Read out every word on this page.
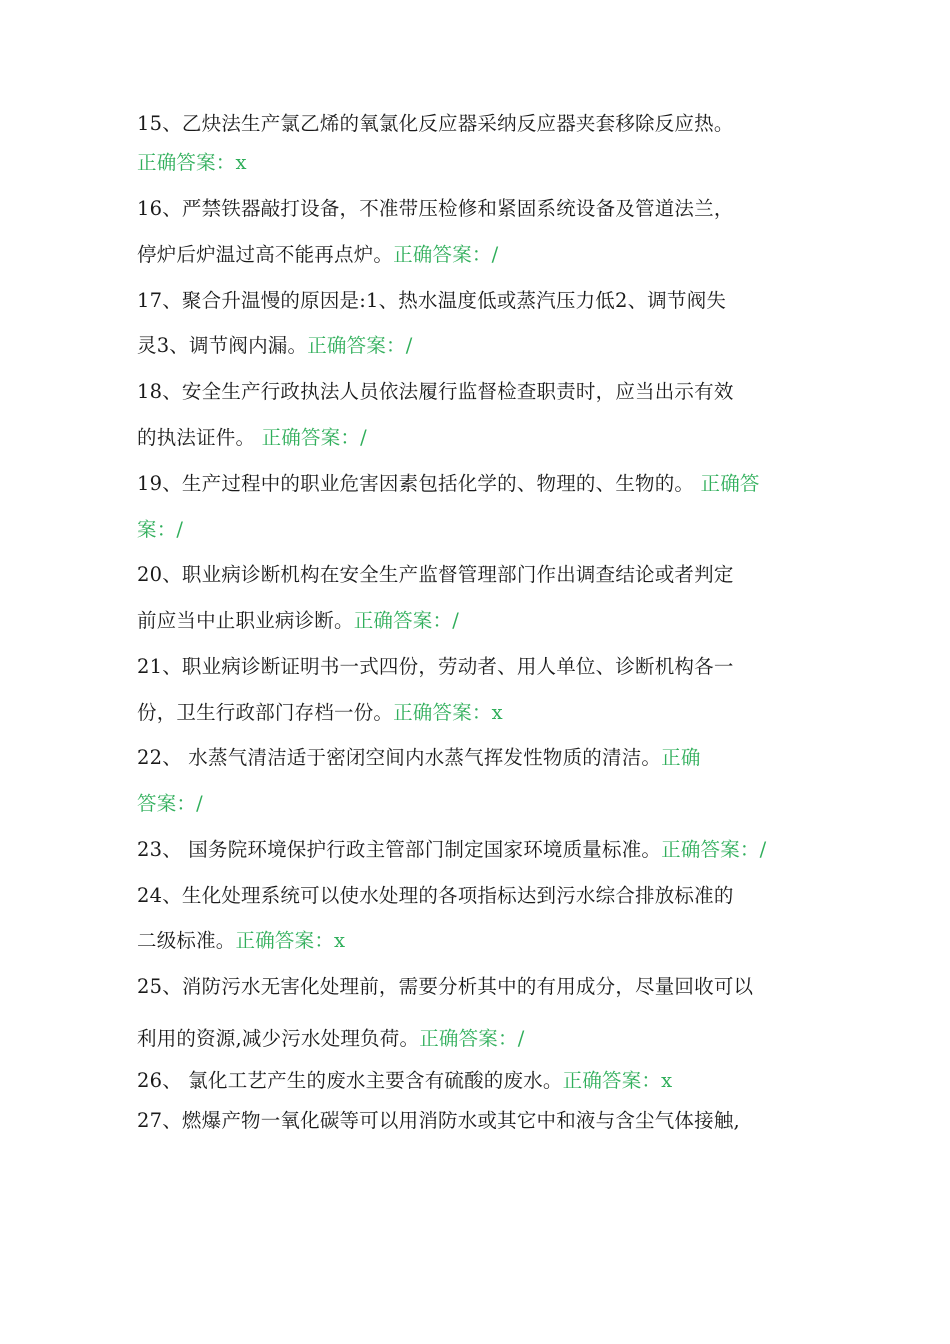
15、乙炔法生产氯乙烯的氧氯化反应器采纳反应器夹套移除反应热。
正确答案：x
16、严禁铁器敲打设备，不准带压检修和紧固系统设备及管道法兰，
停炉后炉温过高不能再点炉。正确答案：/
17、聚合升温慢的原因是:1、热水温度低或蒸汽压力低2、调节阀失
灵3、调节阀内漏。正确答案：/
18、安全生产行政执法人员依法履行监督检查职责时，应当出示有效
的执法证件。 正确答案：/
19、生产过程中的职业危害因素包括化学的、物理的、生物的。 正确答
案：/
20、职业病诊断机构在安全生产监督管理部门作出调查结论或者判定
前应当中止职业病诊断。正确答案：/
21、职业病诊断证明书一式四份，劳动者、用人单位、诊断机构各一
份，卫生行政部门存档一份。正确答案：x
22、 水蒸气清洁适于密闭空间内水蒸气挥发性物质的清洁。正确
答案：/
23、 国务院环境保护行政主管部门制定国家环境质量标准。正确答案：/
24、生化处理系统可以使水处理的各项指标达到污水综合排放标准的
二级标准。正确答案：x
25、消防污水无害化处理前，需要分析其中的有用成分，尽量回收可以
利用的资源,减少污水处理负荷。正确答案：/
26、 氯化工艺产生的废水主要含有硫酸的废水。正确答案：x
27、燃爆产物一氧化碳等可以用消防水或其它中和液与含尘气体接触,
